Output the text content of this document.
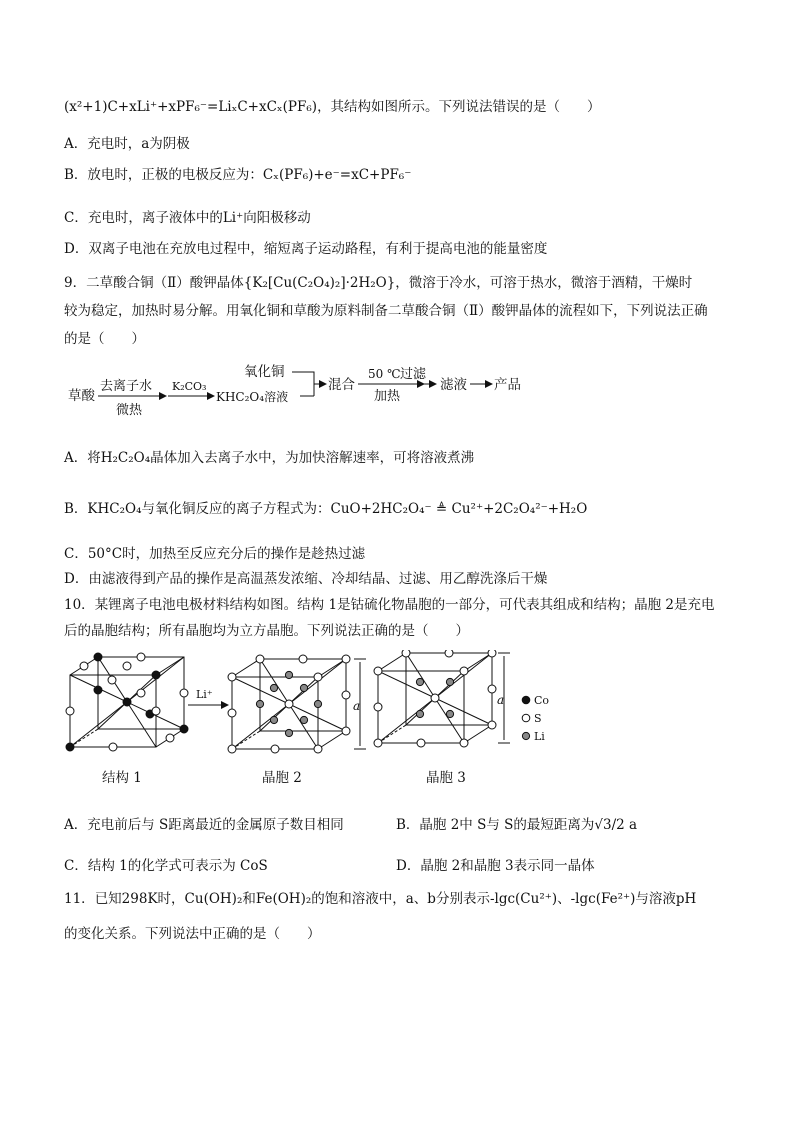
(x²+1)C+xLi⁺+xPF₆⁻=LiₓC+xCₓ(PF₆)，其结构如图所示。下列说法错误的是（　　）
A．充电时，a为阴极
B．放电时，正极的电极反应为：Cₓ(PF₆)+e⁻=xC+PF₆⁻
C．充电时，离子液体中的Li⁺向阳极移动
D．双离子电池在充放电过程中，缩短离子运动路程，有利于提高电池的能量密度
9．二草酸合铜（Ⅱ）酸钾晶体{K₂[Cu(C₂O₄)₂]·2H₂O}，微溶于冷水，可溶于热水，微溶于酒精，干燥时
较为稳定，加热时易分解。用氧化铜和草酸为原料制备二草酸合铜（Ⅱ）酸钾晶体的流程如下，下列说法正确
的是（　　）
草酸
去离子水
微热
K₂CO₃
KHC₂O₄溶液
氧化铜
混合
50 ℃
加热
过滤
滤液 产品
A．将H₂C₂O₄晶体加入去离子水中，为加快溶解速率，可将溶液煮沸
B．KHC₂O₄与氧化铜反应的离子方程式为：CuO+2HC₂O₄⁻ ≜ Cu²⁺+2C₂O₄²⁻+H₂O
C．50°C时，加热至反应充分后的操作是趁热过滤
D．由滤液得到产品的操作是高温蒸发浓缩、冷却结晶、过滤、用乙醇洗涤后干燥
10．某锂离子电池电极材料结构如图。结构 1是钴硫化物晶胞的一部分，可代表其组成和结构；晶胞 2是充电
后的晶胞结构；所有晶胞均为立方晶胞。下列说法正确的是（　　）
Li⁺
a	a	Co
S
Li
结构 1	晶胞 2	晶胞 3
A．充电前后与 S距离最近的金属原子数目相同	B．晶胞 2中 S与 S的最短距离为√3/2 a
C．结构 1的化学式可表示为 CoS	D．晶胞 2和晶胞 3表示同一晶体
11．已知298K时，Cu(OH)₂和Fe(OH)₂的饱和溶液中，a、b分别表示-lgc(Cu²⁺)、-lgc(Fe²⁺)与溶液pH
的变化关系。下列说法中正确的是（　　）
